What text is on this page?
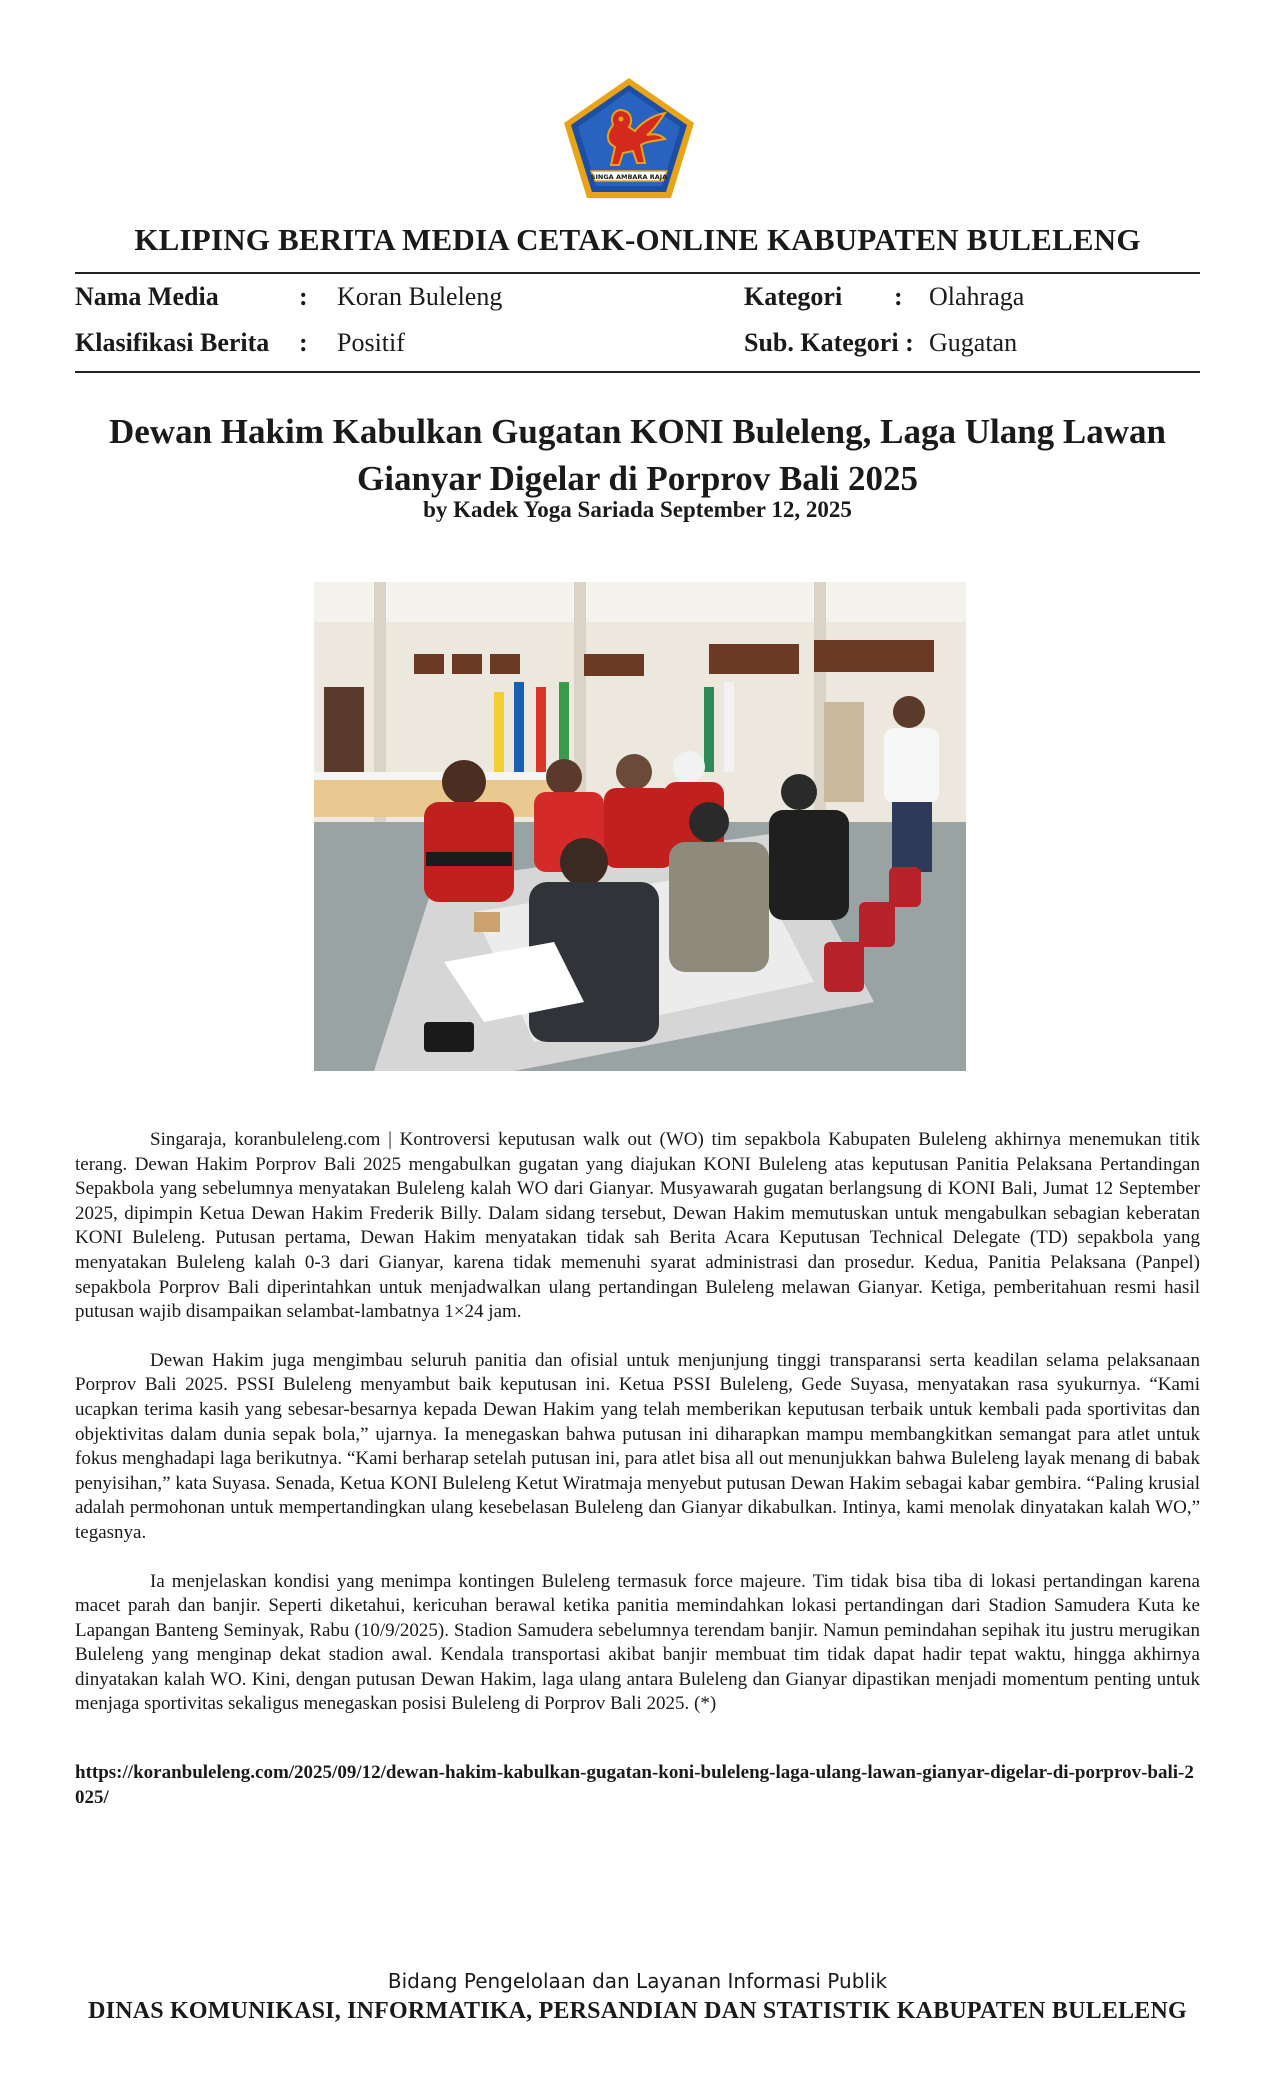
SINGA AMBARA RAJA
KLIPING BERITA MEDIA CETAK-ONLINE KABUPATEN BULELENG
Nama Media	: Koran Buleleng
Klasifikasi Berita : Positif
Kategori : Olahraga
Sub. Kategori : Gugatan
Dewan Hakim Kabulkan Gugatan KONI Buleleng, Laga Ulang Lawan Gianyar Digelar di Porprov Bali 2025
by Kadek Yoga Sariada September 12, 2025

Singaraja, koranbuleleng.com | Kontroversi keputusan walk out (WO) tim sepakbola Kabupaten Buleleng akhirnya menemukan titik terang. Dewan Hakim Porprov Bali 2025 mengabulkan gugatan yang diajukan KONI Buleleng atas keputusan Panitia Pelaksana Pertandingan Sepakbola yang sebelumnya menyatakan Buleleng kalah WO dari Gianyar. Musyawarah gugatan berlangsung di KONI Bali, Jumat 12 September 2025, dipimpin Ketua Dewan Hakim Frederik Billy. Dalam sidang tersebut, Dewan Hakim memutuskan untuk mengabulkan sebagian keberatan KONI Buleleng. Putusan pertama, Dewan Hakim menyatakan tidak sah Berita Acara Keputusan Technical Delegate (TD) sepakbola yang menyatakan Buleleng kalah 0-3 dari Gianyar, karena tidak memenuhi syarat administrasi dan prosedur. Kedua, Panitia Pelaksana (Panpel) sepakbola Porprov Bali diperintahkan untuk menjadwalkan ulang pertandingan Buleleng melawan Gianyar. Ketiga, pemberitahuan resmi hasil putusan wajib disampaikan selambat-lambatnya 1×24 jam.

Dewan Hakim juga mengimbau seluruh panitia dan ofisial untuk menjunjung tinggi transparansi serta keadilan selama pelaksanaan Porprov Bali 2025. PSSI Buleleng menyambut baik keputusan ini. Ketua PSSI Buleleng, Gede Suyasa, menyatakan rasa syukurnya. “Kami ucapkan terima kasih yang sebesar-besarnya kepada Dewan Hakim yang telah memberikan keputusan terbaik untuk kembali pada sportivitas dan objektivitas dalam dunia sepak bola,” ujarnya. Ia menegaskan bahwa putusan ini diharapkan mampu membangkitkan semangat para atlet untuk fokus menghadapi laga berikutnya. “Kami berharap setelah putusan ini, para atlet bisa all out menunjukkan bahwa Buleleng layak menang di babak penyisihan,” kata Suyasa. Senada, Ketua KONI Buleleng Ketut Wiratmaja menyebut putusan Dewan Hakim sebagai kabar gembira. “Paling krusial adalah permohonan untuk mempertandingkan ulang kesebelasan Buleleng dan Gianyar dikabulkan. Intinya, kami menolak dinyatakan kalah WO,” tegasnya.

Ia menjelaskan kondisi yang menimpa kontingen Buleleng termasuk force majeure. Tim tidak bisa tiba di lokasi pertandingan karena macet parah dan banjir. Seperti diketahui, kericuhan berawal ketika panitia memindahkan lokasi pertandingan dari Stadion Samudera Kuta ke Lapangan Banteng Seminyak, Rabu (10/9/2025). Stadion Samudera sebelumnya terendam banjir. Namun pemindahan sepihak itu justru merugikan Buleleng yang menginap dekat stadion awal. Kendala transportasi akibat banjir membuat tim tidak dapat hadir tepat waktu, hingga akhirnya dinyatakan kalah WO. Kini, dengan putusan Dewan Hakim, laga ulang antara Buleleng dan Gianyar dipastikan menjadi momentum penting untuk menjaga sportivitas sekaligus menegaskan posisi Buleleng di Porprov Bali 2025. (*)

https://koranbuleleng.com/2025/09/12/dewan-hakim-kabulkan-gugatan-koni-buleleng-laga-ulang-lawan-gianyar-digelar-di-porprov-bali-2025/
Bidang Pengelolaan dan Layanan Informasi Publik
DINAS KOMUNIKASI, INFORMATIKA, PERSANDIAN DAN STATISTIK KABUPATEN BULELENG
